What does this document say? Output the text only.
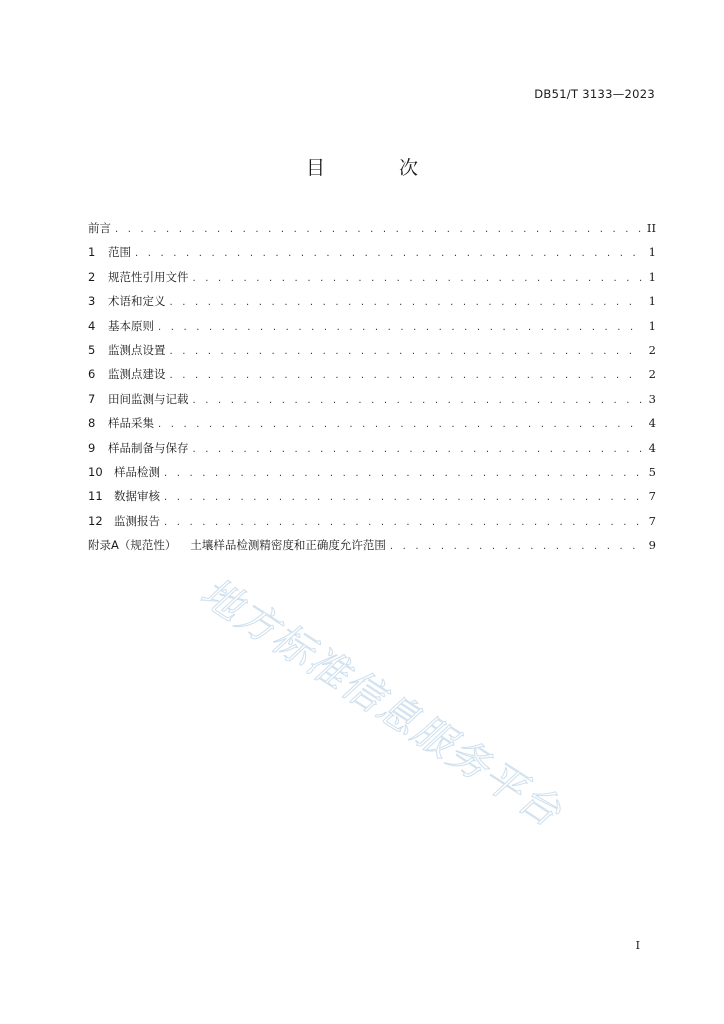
DB51/T 3133—2023
目 次
前言 . . .	II
1	范围 . . .	1
2	规范性引用文件 . . .	1
3	术语和定义 . . .	1
4	基本原则 . . .	1
5	监测点设置 . . .	2
6	监测点建设 . . .	2
7	田间监测与记载 . . .	3
8	样品采集 . . .	4
9	样品制备与保存 . . .	4
10 样品检测 . . .	5
11 数据审核 . . .	7
12 监测报告 . . .	7
附录A（规范性） 土壤样品检测精密度和正确度允许范围 . . .	9
地方标准信息服务平台
I
